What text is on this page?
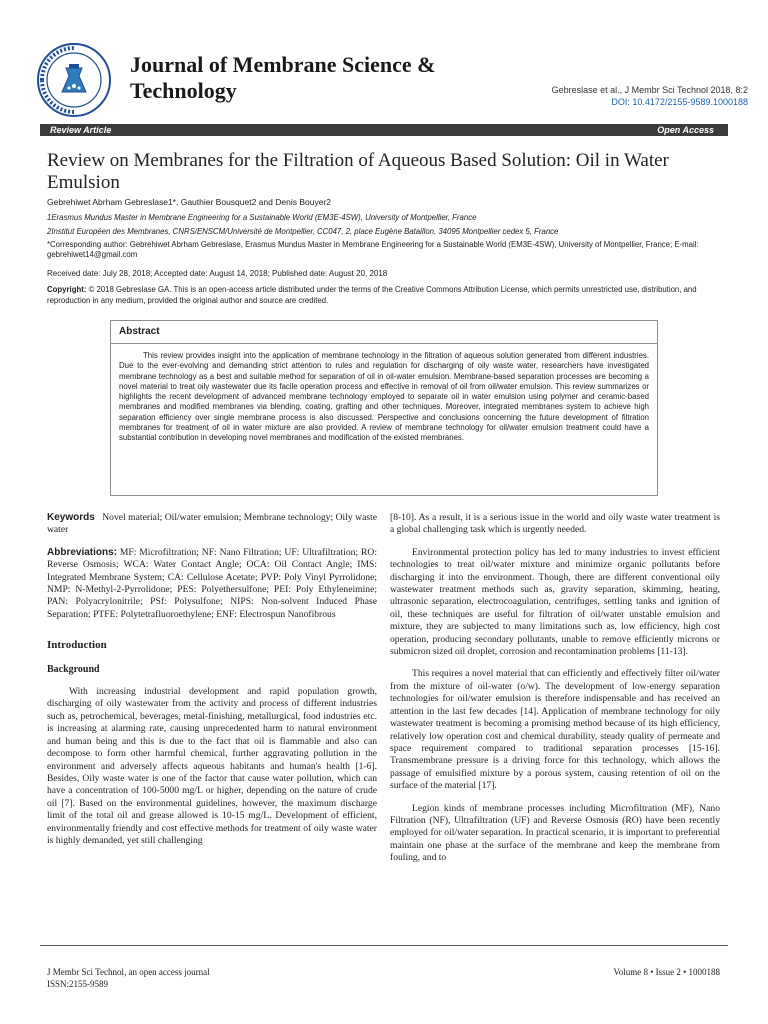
Journal of Membrane Science &
Technology	Gebreslase et al., J Membr Sci Technol 2018, 8:2
DOI: 10.4172/2155-9589.1000188
Review Article	Open Access
Review on Membranes for the Filtration of Aqueous Based Solution: Oil in Water Emulsion
Gebrehiwet Abrham Gebreslase1*, Gauthier Bousquet2 and Denis Bouyer2
1Erasmus Mundus Master in Membrane Engineering for a Sustainable World (EM3E-4SW), University of Montpellier, France
2Institut Européen des Membranes, CNRS/ENSCM/Université de Montpellier, CC047, 2, place Eugène Bataillon, 34095 Montpellier cedex 5, France
*Corresponding author: Gebrehiwet Abrham Gebreslase, Erasmus Mundus Master in Membrane Engineering for a Sustainable World (EM3E-4SW), University of Montpellier, France; E-mail: gebrehiwet14@gmail.com
Received date: July 28, 2018; Accepted date: August 14, 2018; Published date: August 20, 2018
Copyright: © 2018 Gebreslase GA. This is an open-access article distributed under the terms of the Creative Commons Attribution License, which permits unrestricted use, distribution, and reproduction in any medium, provided the original author and source are credited.
Abstract
This review provides insight into the application of membrane technology in the filtration of aqueous solution generated from different industries. Due to the ever-evolving and demanding strict attention to rules and regulation for discharging of oily waste water, researchers have investigated membrane technology as a best and suitable method for separation of oil in oil-water emulsion. Membrane-based separation processes are becoming a novel material to treat oily wastewater due its facile operation process and effective in removal of oil from oil/water emulsion. This review summarizes or highlights the recent development of advanced membrane technology employed to separate oil in water emulsion using polymer and ceramic-based membranes and modified membranes via blending, coating, grafting and other techniques. Moreover, integrated membranes system to achieve high separation efficiency over single membrane process is also discussed. Perspective and conclusions concerning the future development of filtration membranes for treatment of oil in water mixture are also provided. A review of membrane technology for oil/water emulsion treatment could have a substantial contribution in developing novel membranes and modification of the existed membranes.

Keywords Novel material; Oil/water emulsion; Membrane technology; Oily waste water

Abbreviations: MF: Microfiltration; NF: Nano Filtration; UF: Ultrafiltration; RO: Reverse Osmosis; WCA: Water Contact Angle; OCA: Oil Contact Angle; IMS: Integrated Membrane System; CA: Cellulose Acetate; PVP: Poly Vinyl Pyrrolidone; NMP: N-Methyl-2-Pyrrolidone; PES: Polyethersulfone; PEI: Poly Ethyleneimine; PAN: Polyacrylonitrile; PSf: Polysulfone; NIPS: Non-solvent Induced Phase Separation; PTFE: Polytetrafluoroethylene; ENF: Electrospun Nanofibrous

Introduction

Background

With increasing industrial development and rapid population growth, discharging of oily wastewater from the activity and process of different industries such as, petrochemical, beverages, metal-finishing, metallurgical, food industries etc. is increasing at alarming rate, causing unprecedented harm to natural environment and human being and this is due to the fact that oil is flammable and also can decompose to form other harmful chemical, further aggravating pollution in the environment and adversely affects aqueous habitants and human's health [1-6]. Besides, Oily waste water is one of the factor that cause water pollution, which can have a concentration of 100-5000 mg/L or higher, depending on the nature of crude oil [7]. Based on the environmental guidelines, however, the maximum discharge limit of the total oil and grease allowed is 10-15 mg/L. Development of efficient, environmentally friendly and cost effective methods for treatment of oily waste water is highly demanded, yet still challenging

[8-10]. As a result, it is a serious issue in the world and oily waste water treatment is a global challenging task which is urgently needed.

Environmental protection policy has led to many industries to invest efficient technologies to treat oil/water mixture and minimize organic pollutants before discharging it into the environment. Though, there are different conventional oily wastewater treatment methods such as, gravity separation, skimming, heating, ultrasonic separation, electrocoagulation, centrifuges, settling tanks and ignition of oil, these techniques are useful for filtration of oil/water unstable emulsion and mixture, they are subjected to many limitations such as, low efficiency, high cost operation, producing secondary pollutants, unable to remove efficiently microns or submicron sized oil droplet, corrosion and recontamination problems [11-13].

This requires a novel material that can efficiently and effectively filter oil/water from the mixture of oil-water (o/w). The development of low-energy separation technologies for oil/water emulsion is therefore indispensable and has received an attention in the last few decades [14]. Application of membrane technology for oily wastewater treatment is becoming a promising method because of its high efficiency, relatively low operation cost and chemical durability, steady quality of permeate and space requirement compared to traditional separation processes [15-16]. Transmembrane pressure is a driving force for this technology, which allows the passage of emulsified mixture by a porous system, causing retention of oil on the surface of the material [17].

Legion kinds of membrane processes including Microfiltration (MF), Nano Filtration (NF), Ultrafiltration (UF) and Reverse Osmosis (RO) have been recently employed for oil/water separation. In practical scenario, it is important to preferential maintain one phase at the surface of the membrane and keep the membrane from fouling, and to

J Membr Sci Technol, an open access journal
ISSN:2155-9589
Volume 8 • Issue 2 • 1000188
